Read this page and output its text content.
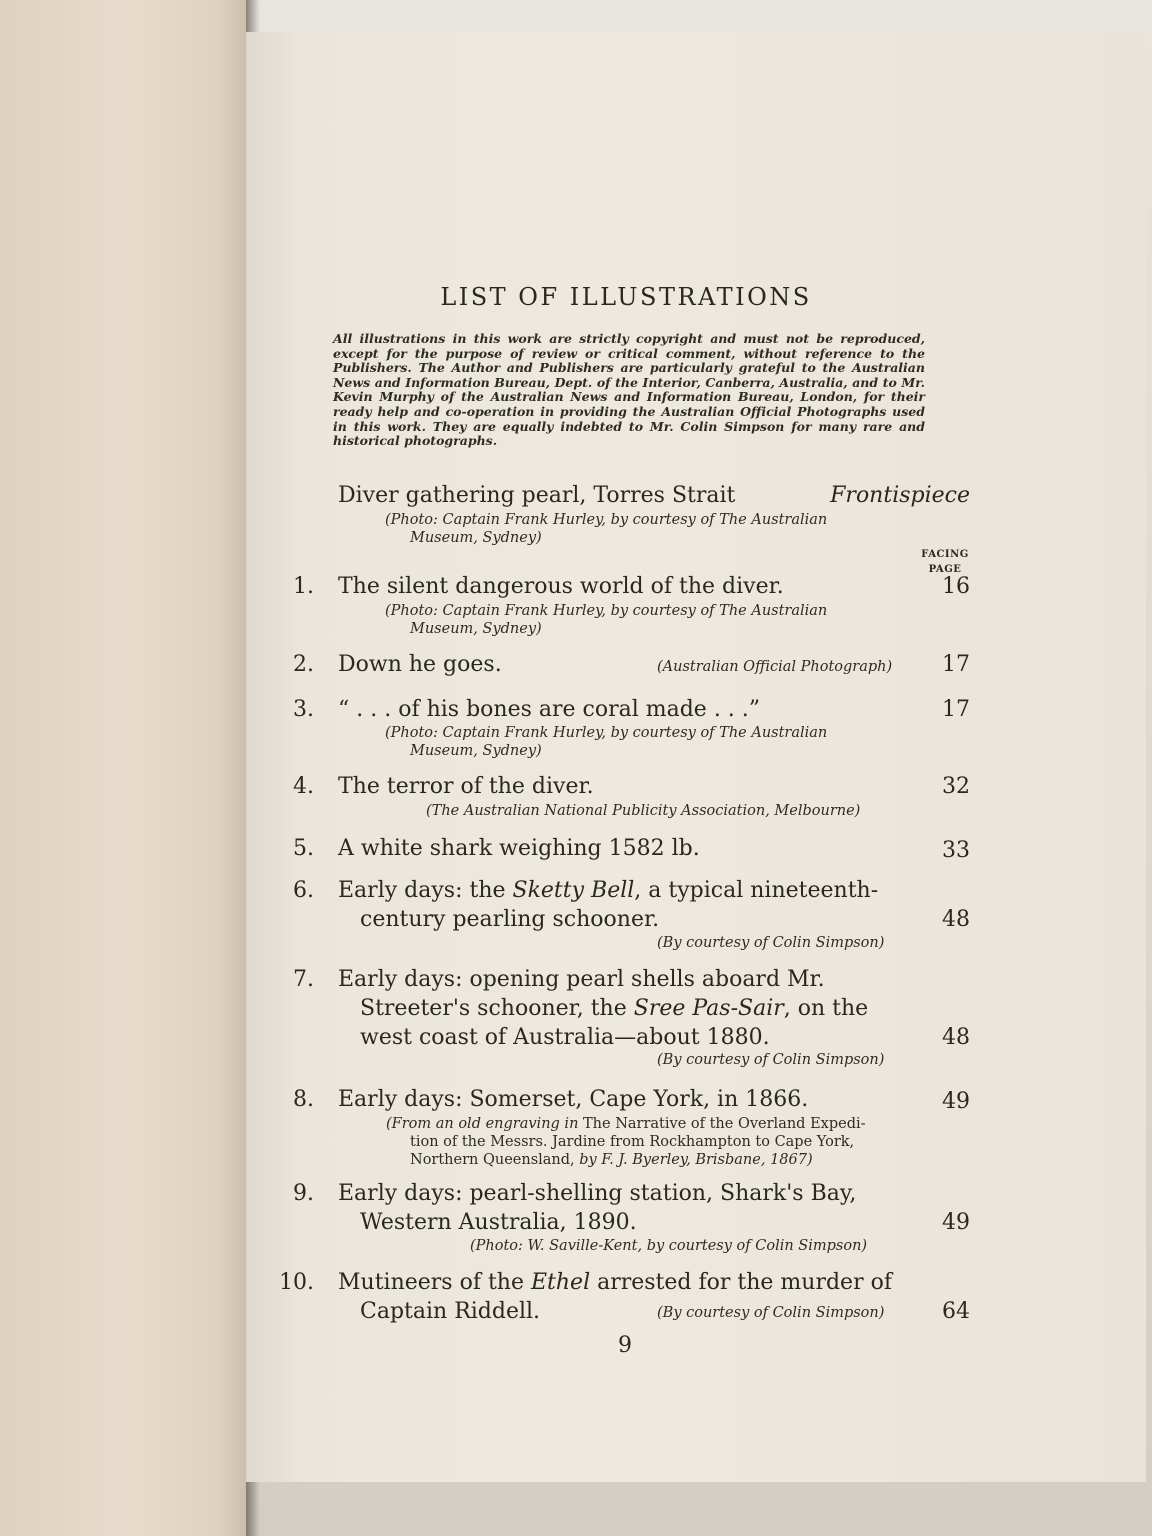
LIST OF ILLUSTRATIONS
All illustrations in this work are strictly copyright and must not be reproduced, except for the purpose of review or critical comment, without reference to the Publishers. The Author and Publishers are particularly grateful to the Australian News and Information Bureau, Dept. of the Interior, Canberra, Australia, and to Mr. Kevin Murphy of the Australian News and Information Bureau, London, for their ready help and co-operation in providing the Australian Official Photographs used in this work. They are equally indebted to Mr. Colin Simpson for many rare and historical photographs.
Diver gathering pearl, Torres Strait	Frontispiece
(Photo: Captain Frank Hurley, by courtesy of The Australian
Museum, Sydney)
FACING
PAGE
1. The silent dangerous world of the diver.	16
(Photo: Captain Frank Hurley, by courtesy of The Australian
Museum, Sydney)
2. Down he goes.	(Australian Official Photograph)	17
3. “ . . . of his bones are coral made . . .”	17
(Photo: Captain Frank Hurley, by courtesy of The Australian
Museum, Sydney)
4. The terror of the diver.	32
(The Australian National Publicity Association, Melbourne)
5. A white shark weighing 1582 lb.	33
6. Early days: the Sketty Bell, a typical nineteenth-
century pearling schooner.	48
(By courtesy of Colin Simpson)
7. Early days: opening pearl shells aboard Mr.
Streeter's schooner, the Sree Pas-Sair, on the
west coast of Australia—about 1880.	48
(By courtesy of Colin Simpson)
8. Early days: Somerset, Cape York, in 1866.	49
(From an old engraving in The Narrative of the Overland Expedi-
tion of the Messrs. Jardine from Rockhampton to Cape York,
Northern Queensland, by F. J. Byerley, Brisbane, 1867)
9. Early days: pearl-shelling station, Shark's Bay,
Western Australia, 1890.	49
(Photo: W. Saville-Kent, by courtesy of Colin Simpson)
10. Mutineers of the Ethel arrested for the murder of
Captain Riddell.	(By courtesy of Colin Simpson)	64
9
